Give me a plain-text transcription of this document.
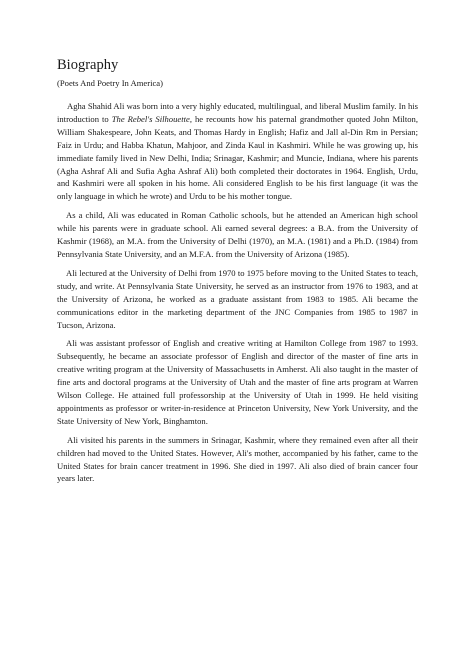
Biography
(Poets And Poetry In America)

Agha Shahid Ali was born into a very highly educated, multilingual, and liberal Muslim family. In his introduction to The Rebel's Silhouette, he recounts how his paternal grandmother quoted John Milton, William Shakespeare, John Keats, and Thomas Hardy in English; Hafiz and Jall al-Din Rm in Persian; Faiz in Urdu; and Habba Khatun, Mahjoor, and Zinda Kaul in Kashmiri. While he was growing up, his immediate family lived in New Delhi, India; Srinagar, Kashmir; and Muncie, Indiana, where his parents (Agha Ashraf Ali and Sufia Agha Ashraf Ali) both completed their doctorates in 1964. English, Urdu, and Kashmiri were all spoken in his home. Ali considered English to be his first language (it was the only language in which he wrote) and Urdu to be his mother tongue.

As a child, Ali was educated in Roman Catholic schools, but he attended an American high school while his parents were in graduate school. Ali earned several degrees: a B.A. from the University of Kashmir (1968), an M.A. from the University of Delhi (1970), an M.A. (1981) and a Ph.D. (1984) from Pennsylvania State University, and an M.F.A. from the University of Arizona (1985).

Ali lectured at the University of Delhi from 1970 to 1975 before moving to the United States to teach, study, and write. At Pennsylvania State University, he served as an instructor from 1976 to 1983, and at the University of Arizona, he worked as a graduate assistant from 1983 to 1985. Ali became the communications editor in the marketing department of the JNC Companies from 1985 to 1987 in Tucson, Arizona.

Ali was assistant professor of English and creative writing at Hamilton College from 1987 to 1993. Subsequently, he became an associate professor of English and director of the master of fine arts in creative writing program at the University of Massachusetts in Amherst. Ali also taught in the master of fine arts and doctoral programs at the University of Utah and the master of fine arts program at Warren Wilson College. He attained full professorship at the University of Utah in 1999. He held visiting appointments as professor or writer-in-residence at Princeton University, New York University, and the State University of New York, Binghamton.

Ali visited his parents in the summers in Srinagar, Kashmir, where they remained even after all their children had moved to the United States. However, Ali's mother, accompanied by his father, came to the United States for brain cancer treatment in 1996. She died in 1997. Ali also died of brain cancer four years later.
